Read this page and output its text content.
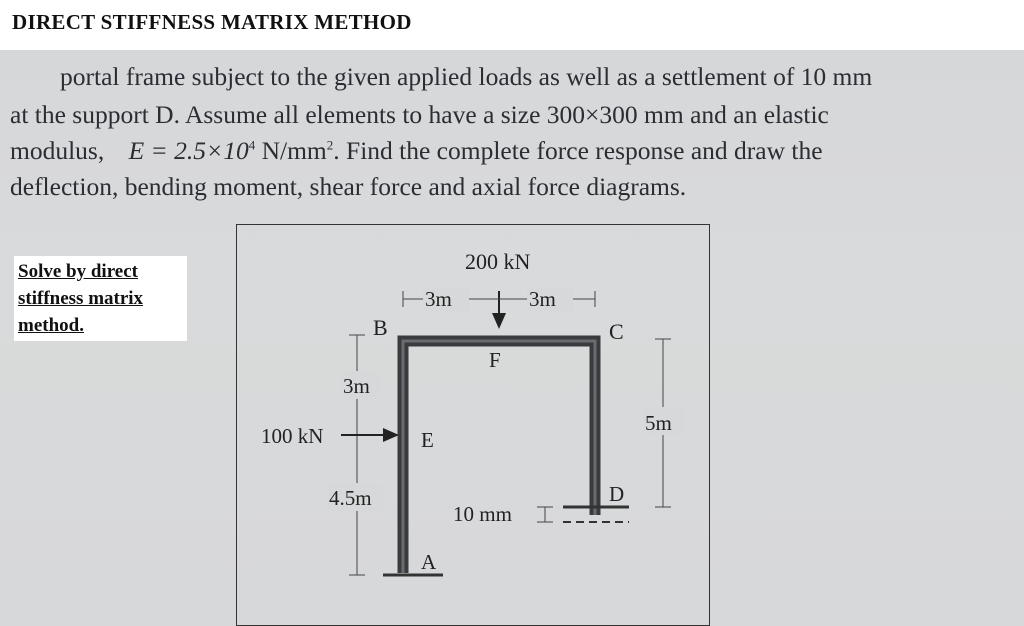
DIRECT STIFFNESS MATRIX METHOD
portal frame subject to the given applied loads as well as a settlement of 10 mm
at the support D. Assume all elements to have a size 300×300 mm and an elastic
modulus, $E = 2.5\times 10^4$ $N/mm^2$. Find the complete force response and draw the
deflection, bending moment, shear force and axial force diagrams.
Solve by direct
stiffness matrix
method.
200 kN
3m	3m
B	C
F
E
D
A
3m
4.5m
100 kN
5m
10 mm
